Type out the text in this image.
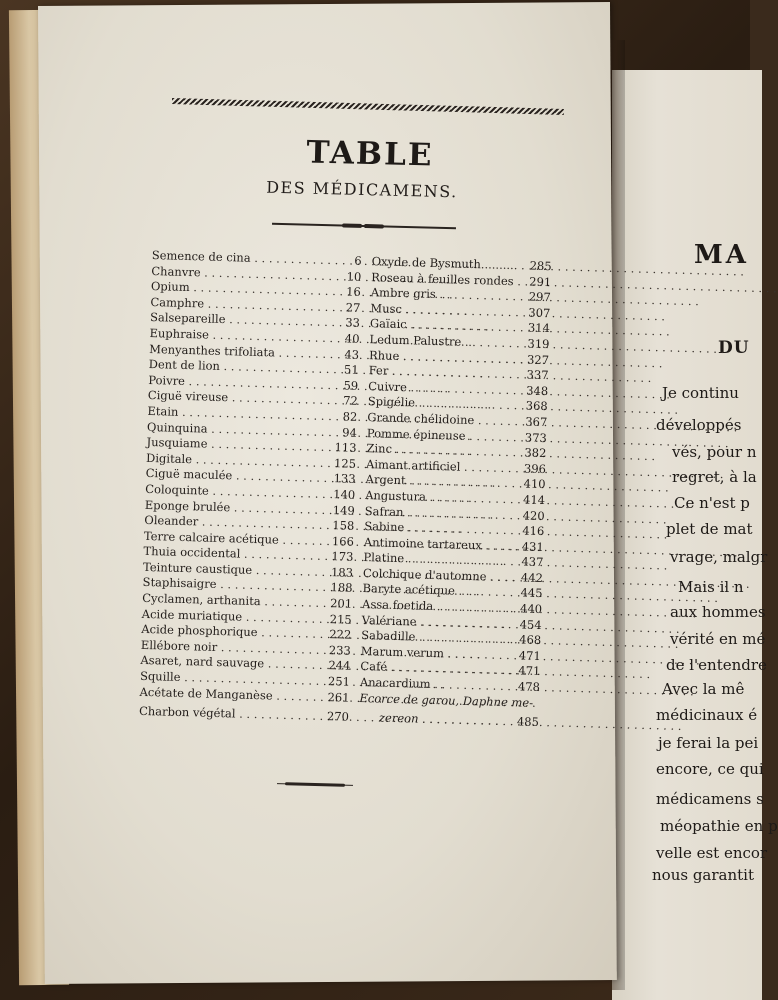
MA
DU
Je continu
développés
vés, pour n
regret, à la
Ce n'est p
plet de mat
vrage, malgr
Mais il n
aux hommes
vérité en mé
de l'entendre
Avec la mê
médicinaux é
je ferai la pei
encore, ce qui
médicamens s
méopathie en p
velle est encor
nous garantit
TABLE
DES MÉDICAMENS.
Semence de cina . . .	6 Oxyde de Bysmuth . . .	285
Chanvre . . .	10 Roseau à feuilles rondes . . .	291
Opium . . .	16 Ambre gris . . .	297
Camphre . . .	27 Musc . . .	307
Salsepareille . . .	33 Gaïaic . . .	314
Euphraise . . .	40 Ledum Palustre . . .	319
Menyanthes trifoliata . . .	43 Rhue . . .	327
Dent de lion . . .	51 Fer . . .	337
Poivre . . .	59 Cuivre . . .	348
Ciguë vireuse . . .	72 Spigélie . . .	368
Etain . . .	82 Grande chélidoine . . .	367
Quinquina . . .	94 Pomme épineuse . . .	373
Jusquiame . . .	113 Zinc . . .	382
Digitale . . .	125 Aimant artificiel . . .	396
Ciguë maculée . . .	133 Argent . . .	410
Coloquinte . . .	140 Angustura . . .	414
Eponge brulée . . .	149 Safran . . .	420
Oleander . . .	158 Sabine . . .	416
Terre calcaire acétique . . .	166 Antimoine tartareux . . .	431
Thuia occidental . . .	173 Platine . . .	437
Teinture caustique . . .	183 Colchique d'automne . . .	442
Staphisaigre . . .	188 Baryte acétique . . .	445
Cyclamen, arthanita . . .	201 Assa foetida . . .	440
Acide muriatique . . .	215 Valériane . . .	454
Acide phosphorique . . .	222 Sabadille . . .	468
Ellébore noir . . .	233 Marum verum . . .	471
Asaret, nard sauvage . . .	244 Café . . .	471
Squille . . .	251 Anacardium . . .	478
Acétate de Manganèse . . .	261 Ecorce de garou, Daphne me-
Charbon végétal . . .	270	zereon . . .	485
